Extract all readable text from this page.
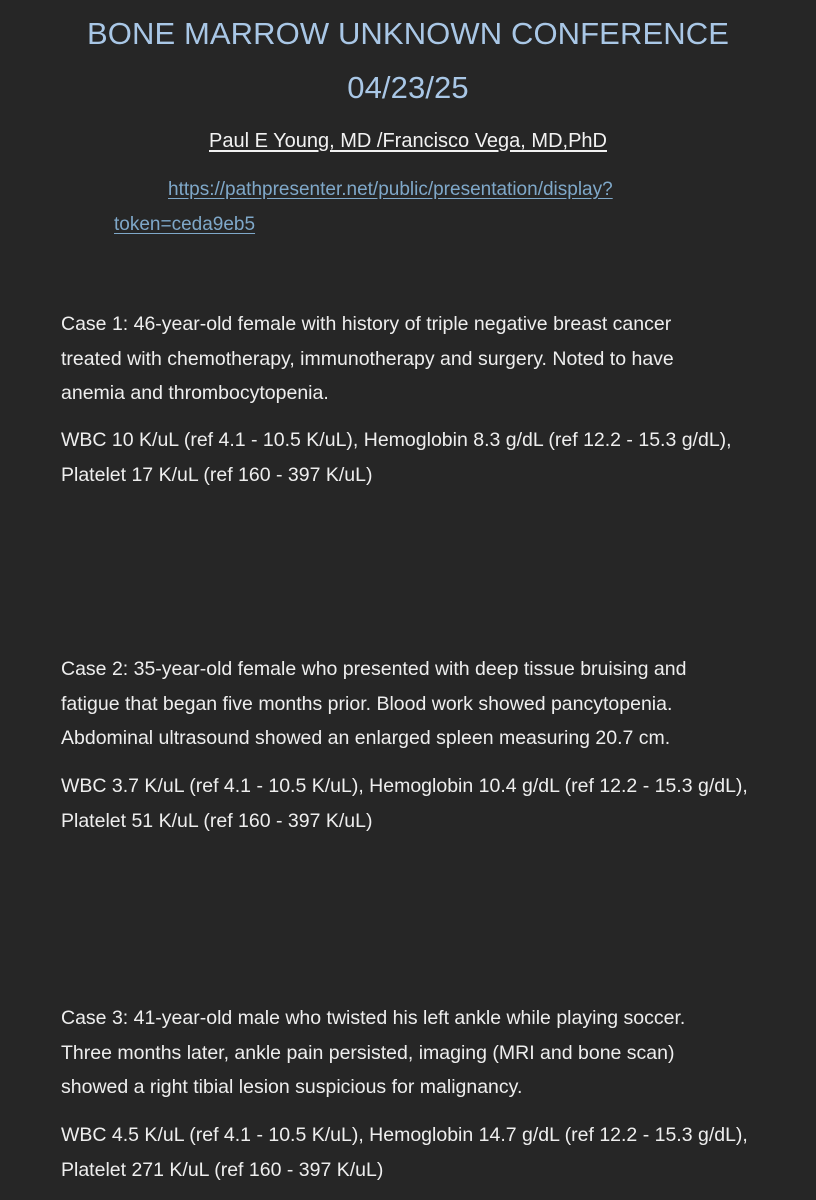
BONE MARROW UNKNOWN CONFERENCE
04/23/25
Paul E Young, MD /Francisco Vega, MD,PhD
https://pathpresenter.net/public/presentation/display?
token=ceda9eb5
Case 1: 46-year-old female with history of triple negative breast cancer
treated with chemotherapy, immunotherapy and surgery. Noted to have
anemia and thrombocytopenia.
WBC 10 K/uL (ref 4.1 - 10.5 K/uL), Hemoglobin 8.3 g/dL (ref 12.2 - 15.3 g/dL),
Platelet 17 K/uL (ref 160 - 397 K/uL)
Case 2: 35-year-old female who presented with deep tissue bruising and
fatigue that began five months prior. Blood work showed pancytopenia.
Abdominal ultrasound showed an enlarged spleen measuring 20.7 cm.
WBC 3.7 K/uL (ref 4.1 - 10.5 K/uL), Hemoglobin 10.4 g/dL (ref 12.2 - 15.3 g/dL),
Platelet 51 K/uL (ref 160 - 397 K/uL)
Case 3: 41-year-old male who twisted his left ankle while playing soccer.
Three months later, ankle pain persisted, imaging (MRI and bone scan)
showed a right tibial lesion suspicious for malignancy.
WBC 4.5 K/uL (ref 4.1 - 10.5 K/uL), Hemoglobin 14.7 g/dL (ref 12.2 - 15.3 g/dL),
Platelet 271 K/uL (ref 160 - 397 K/uL)
